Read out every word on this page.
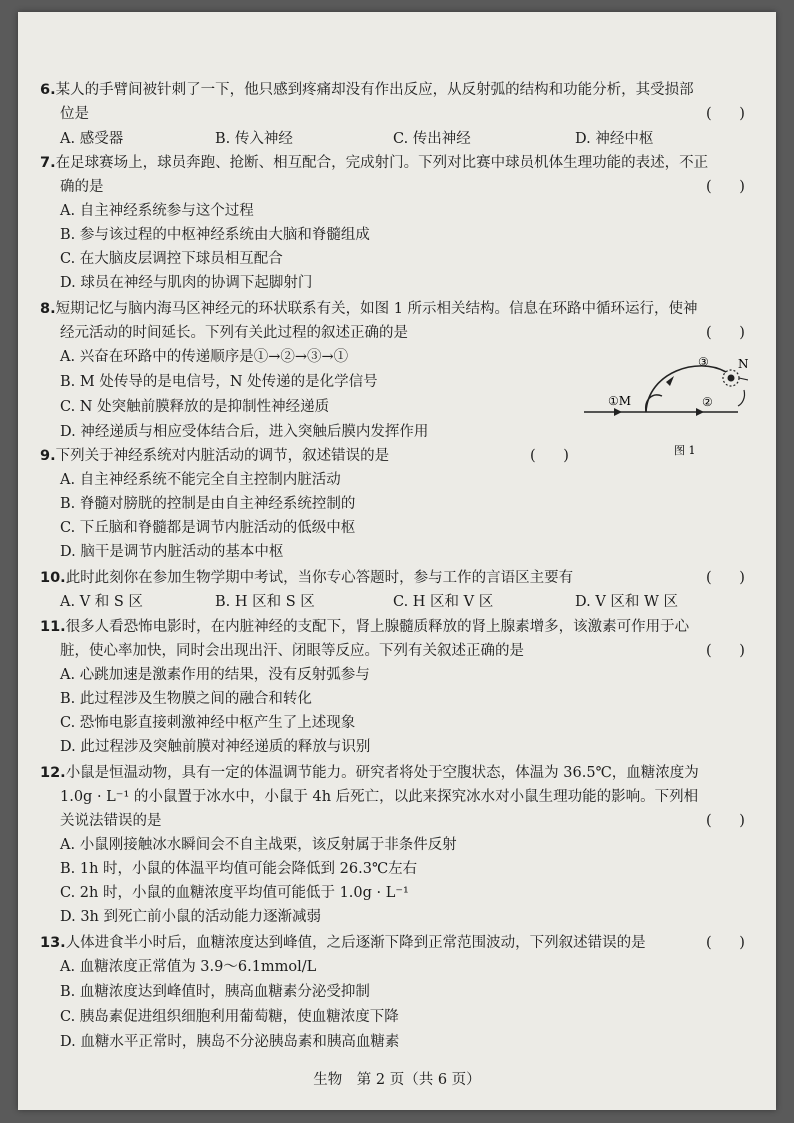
6.某人的手臂间被针刺了一下，他只感到疼痛却没有作出反应，从反射弧的结构和功能分析，其受损部
位是	(      )
A. 感受器	B. 传入神经	C. 传出神经	D. 神经中枢
7.在足球赛场上，球员奔跑、抢断、相互配合，完成射门。下列对比赛中球员机体生理功能的表述，不正
确的是	(      )
A. 自主神经系统参与这个过程
B. 参与该过程的中枢神经系统由大脑和脊髓组成
C. 在大脑皮层调控下球员相互配合
D. 球员在神经与肌肉的协调下起脚射门
8.短期记忆与脑内海马区神经元的环状联系有关，如图 1 所示相关结构。信息在环路中循环运行，使神
经元活动的时间延长。下列有关此过程的叙述正确的是	(      )
A. 兴奋在环路中的传递顺序是①→②→③→①
B. M 处传导的是电信号，N 处传递的是化学信号
C. N 处突触前膜释放的是抑制性神经递质
D. 神经递质与相应受体结合后，进入突触后膜内发挥作用
①M	②
③ N
图 1
9.下列关于神经系统对内脏活动的调节，叙述错误的是	(      )
A. 自主神经系统不能完全自主控制内脏活动
B. 脊髓对膀胱的控制是由自主神经系统控制的
C. 下丘脑和脊髓都是调节内脏活动的低级中枢
D. 脑干是调节内脏活动的基本中枢
10.此时此刻你在参加生物学期中考试，当你专心答题时，参与工作的言语区主要有	(      )
A. V 和 S 区	B. H 区和 S 区	C. H 区和 V 区	D. V 区和 W 区
11.很多人看恐怖电影时，在内脏神经的支配下，肾上腺髓质释放的肾上腺素增多，该激素可作用于心
脏，使心率加快，同时会出现出汗、闭眼等反应。下列有关叙述正确的是	(      )
A. 心跳加速是激素作用的结果，没有反射弧参与
B. 此过程涉及生物膜之间的融合和转化
C. 恐怖电影直接刺激神经中枢产生了上述现象
D. 此过程涉及突触前膜对神经递质的释放与识别
12.小鼠是恒温动物，具有一定的体温调节能力。研究者将处于空腹状态，体温为 36.5℃，血糖浓度为
1.0g · L⁻¹ 的小鼠置于冰水中，小鼠于 4h 后死亡，以此来探究冰水对小鼠生理功能的影响。下列相
关说法错误的是	(      )
A. 小鼠刚接触冰水瞬间会不自主战栗，该反射属于非条件反射
B. 1h 时，小鼠的体温平均值可能会降低到 26.3℃左右
C. 2h 时，小鼠的血糖浓度平均值可能低于 1.0g · L⁻¹
D. 3h 到死亡前小鼠的活动能力逐渐减弱
13.人体进食半小时后，血糖浓度达到峰值，之后逐渐下降到正常范围波动，下列叙述错误的是	(      )
A. 血糖浓度正常值为 3.9～6.1mmol/L
B. 血糖浓度达到峰值时，胰高血糖素分泌受抑制
C. 胰岛素促进组织细胞利用葡萄糖，使血糖浓度下降
D. 血糖水平正常时，胰岛不分泌胰岛素和胰高血糖素
生物　第 2 页（共 6 页）
